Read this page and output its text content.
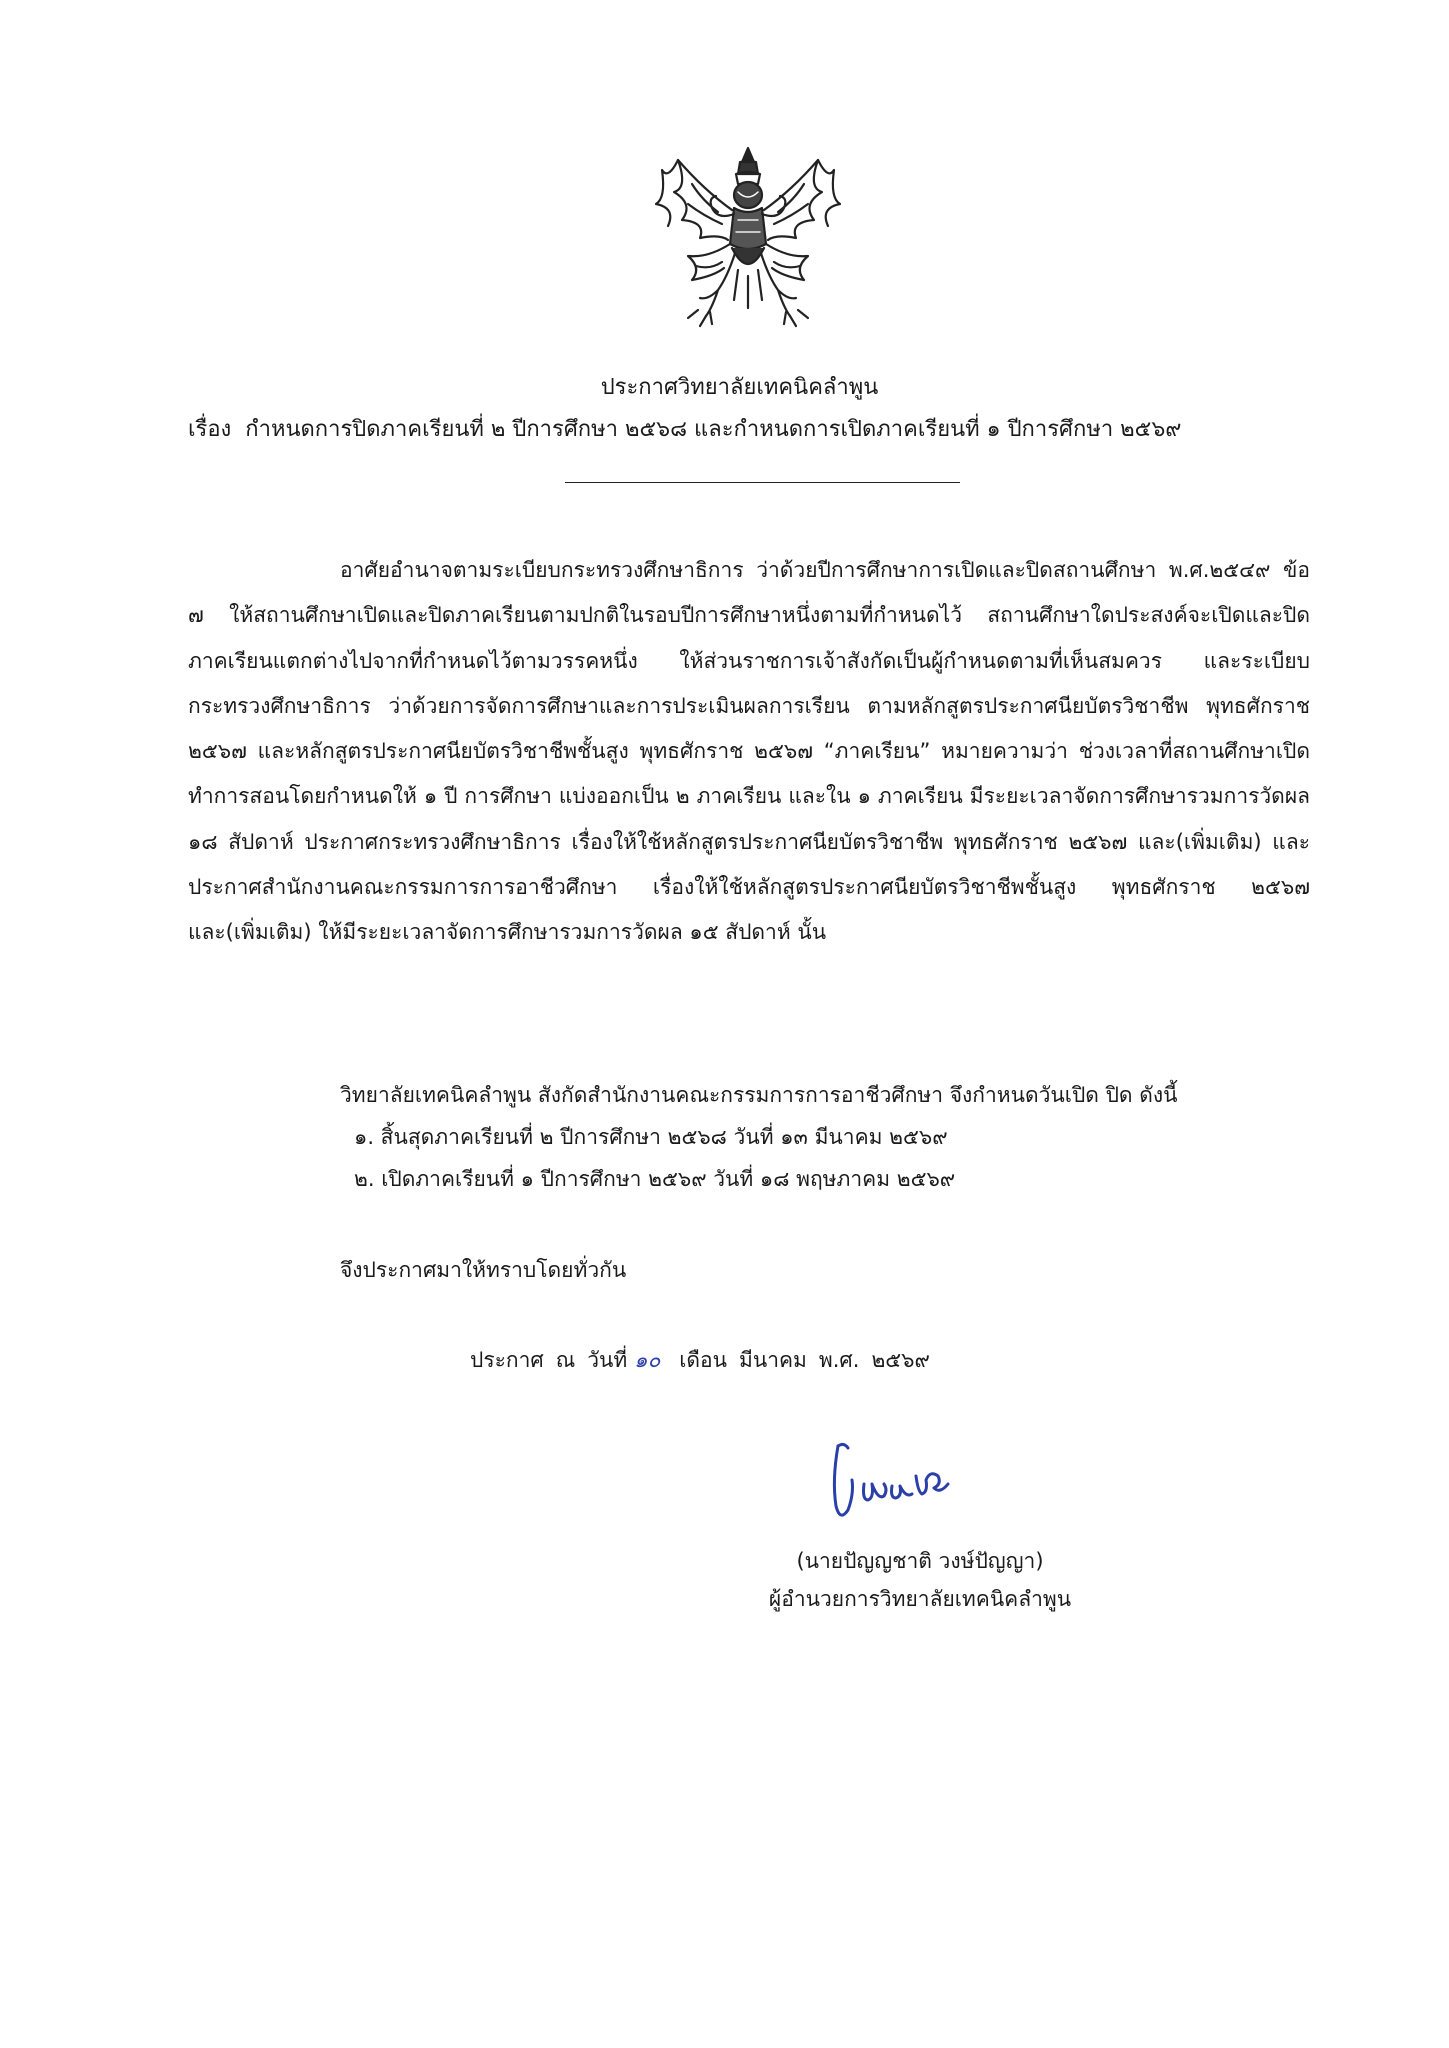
ประกาศวิทยาลัยเทคนิคลำพูน
เรื่อง กำหนดการปิดภาคเรียนที่ ๒ ปีการศึกษา ๒๕๖๘ และกำหนดการเปิดภาคเรียนที่ ๑ ปีการศึกษา ๒๕๖๙

อาศัยอำนาจตามระเบียบกระทรวงศึกษาธิการ ว่าด้วยปีการศึกษาการเปิดและปิดสถานศึกษา พ.ศ.๒๕๔๙ ข้อ ๗ ให้สถานศึกษาเปิดและปิดภาคเรียนตามปกติในรอบปีการศึกษาหนึ่งตามที่กำหนดไว้ สถานศึกษาใดประสงค์จะเปิดและปิดภาคเรียนแตกต่างไปจากที่กำหนดไว้ตามวรรคหนึ่ง ให้ส่วนราชการเจ้าสังกัดเป็นผู้กำหนดตามที่เห็นสมควร และระเบียบกระทรวงศึกษาธิการ ว่าด้วยการจัดการศึกษาและการประเมินผลการเรียน ตามหลักสูตรประกาศนียบัตรวิชาชีพ พุทธศักราช ๒๕๖๗ และหลักสูตรประกาศนียบัตรวิชาชีพชั้นสูง พุทธศักราช ๒๕๖๗ “ภาคเรียน” หมายความว่า ช่วงเวลาที่สถานศึกษาเปิดทำการสอนโดยกำหนดให้ ๑ ปี การศึกษา แบ่งออกเป็น ๒ ภาคเรียน และใน ๑ ภาคเรียน มีระยะเวลาจัดการศึกษารวมการวัดผล ๑๘ สัปดาห์ ประกาศกระทรวงศึกษาธิการ เรื่องให้ใช้หลักสูตรประกาศนียบัตรวิชาชีพ พุทธศักราช ๒๕๖๗ และ(เพิ่มเติม) และประกาศสำนักงานคณะกรรมการการอาชีวศึกษา เรื่องให้ใช้หลักสูตรประกาศนียบัตรวิชาชีพชั้นสูง พุทธศักราช ๒๕๖๗ และ(เพิ่มเติม) ให้มีระยะเวลาจัดการศึกษารวมการวัดผล ๑๕ สัปดาห์ นั้น

วิทยาลัยเทคนิคลำพูน สังกัดสำนักงานคณะกรรมการการอาชีวศึกษา จึงกำหนดวันเปิด ปิด ดังนี้
๑. สิ้นสุดภาคเรียนที่ ๒ ปีการศึกษา ๒๕๖๘ วันที่ ๑๓ มีนาคม ๒๕๖๙
๒. เปิดภาคเรียนที่ ๑ ปีการศึกษา ๒๕๖๙ วันที่ ๑๘ พฤษภาคม ๒๕๖๙
จึงประกาศมาให้ทราบโดยทั่วกัน
ประกาศ ณ วันที่ ๑๐ เดือน มีนาคม พ.ศ. ๒๕๖๙
(นายปัญญชาติ วงษ์ปัญญา)
ผู้อำนวยการวิทยาลัยเทคนิคลำพูน
